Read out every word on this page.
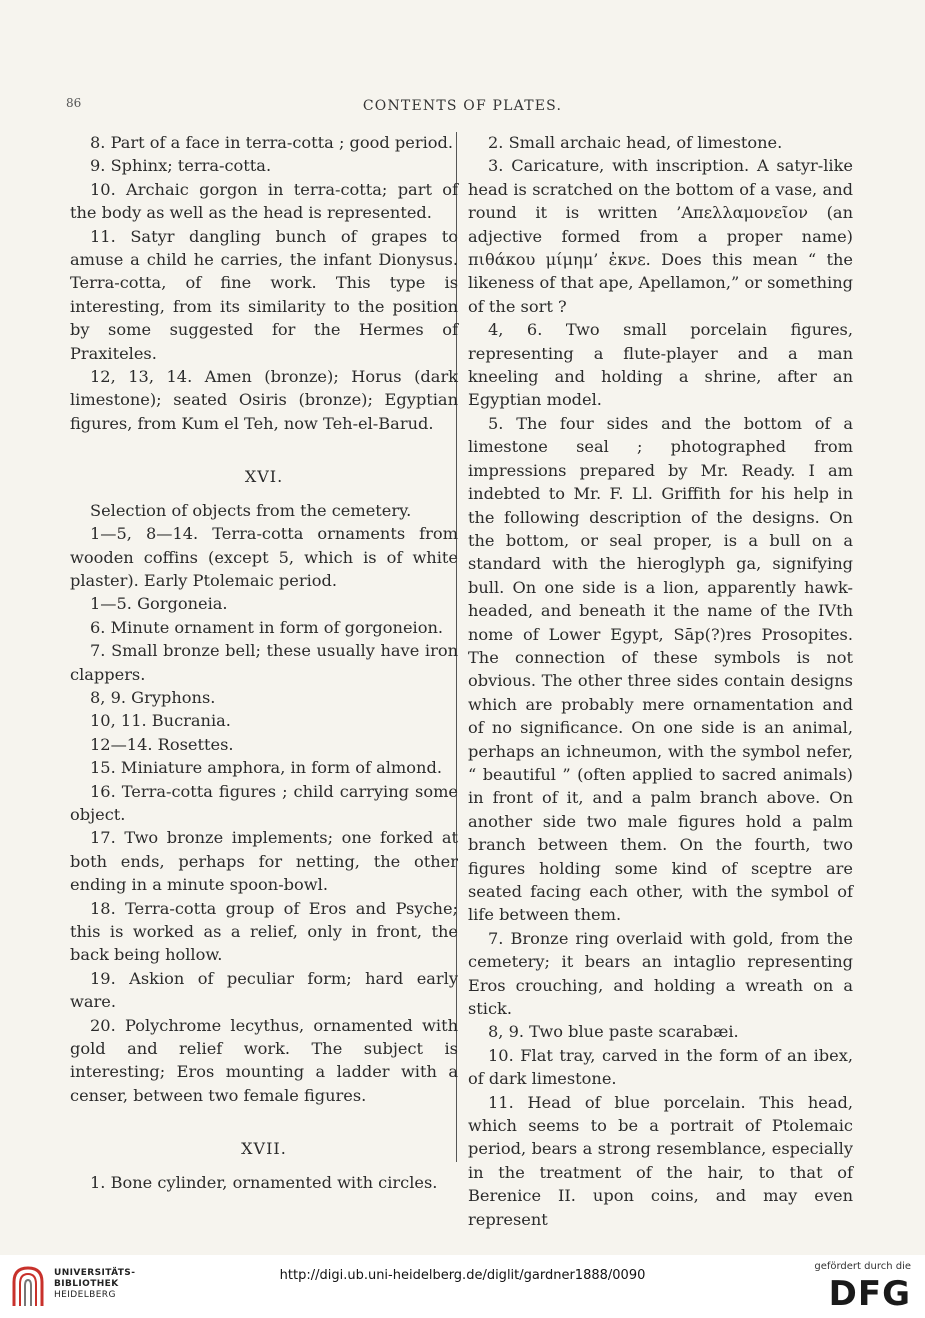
86	CONTENTS OF PLATES.

8. Part of a face in terra-cotta ; good period.

9. Sphinx; terra-cotta.

10. Archaic gorgon in terra-cotta; part of the body as well as the head is represented.

11. Satyr dangling bunch of grapes to amuse a child he carries, the infant Dionysus. Terra-cotta, of fine work. This type is interesting, from its similarity to the position by some suggested for the Hermes of Praxiteles.

12, 13, 14. Amen (bronze); Horus (dark limestone); seated Osiris (bronze); Egyptian figures, from Kum el Teh, now Teh-el-Barud.

XVI.

Selection of objects from the cemetery.

1—5, 8—14. Terra-cotta ornaments from wooden coffins (except 5, which is of white plaster). Early Ptolemaic period.

1—5. Gorgoneia.

6. Minute ornament in form of gorgoneion.

7. Small bronze bell; these usually have iron clappers.

8, 9. Gryphons.

10, 11. Bucrania.

12—14. Rosettes.

15. Miniature amphora, in form of almond.

16. Terra-cotta figures ; child carrying some object.

17. Two bronze implements; one forked at both ends, perhaps for netting, the other ending in a minute spoon-bowl.

18. Terra-cotta group of Eros and Psyche; this is worked as a relief, only in front, the back being hollow.

19. Askion of peculiar form; hard early ware.

20. Polychrome lecythus, ornamented with gold and relief work. The subject is interesting; Eros mounting a ladder with a censer, between two female figures.

XVII.

1. Bone cylinder, ornamented with circles.

2. Small archaic head, of limestone.

3. Caricature, with inscription. A satyr-like head is scratched on the bottom of a vase, and round it is written ’Απελλαμονεῖον (an adjective formed from a proper name) πιθάκου μίμημ’ ἐκνε. Does this mean “ the likeness of that ape, Apellamon,” or something of the sort ?

4, 6. Two small porcelain figures, representing a flute-player and a man kneeling and holding a shrine, after an Egyptian model.

5. The four sides and the bottom of a limestone seal ; photographed from impressions prepared by Mr. Ready. I am indebted to Mr. F. Ll. Griffith for his help in the following description of the designs. On the bottom, or seal proper, is a bull on a standard with the hieroglyph ga, signifying bull. On one side is a lion, apparently hawk-headed, and beneath it the name of the IVth nome of Lower Egypt, Sāp(?)res Prosopites. The connection of these symbols is not obvious. The other three sides contain designs which are probably mere ornamentation and of no significance. On one side is an animal, perhaps an ichneumon, with the symbol nefer, “ beautiful ” (often applied to sacred animals) in front of it, and a palm branch above. On another side two male figures hold a palm branch between them. On the fourth, two figures holding some kind of sceptre are seated facing each other, with the symbol of life between them.

7. Bronze ring overlaid with gold, from the cemetery; it bears an intaglio representing Eros crouching, and holding a wreath on a stick.

8, 9. Two blue paste scarabæi.

10. Flat tray, carved in the form of an ibex, of dark limestone.

11. Head of blue porcelain. This head, which seems to be a portrait of Ptolemaic period, bears a strong resemblance, especially in the treatment of the hair, to that of Berenice II. upon coins, and may even represent

UNIVERSITÄTS-
BIBLIOTHEK
HEIDELBERG
http://digi.ub.uni-heidelberg.de/diglit/gardner1888/0090
gefördert durch die
DFG
